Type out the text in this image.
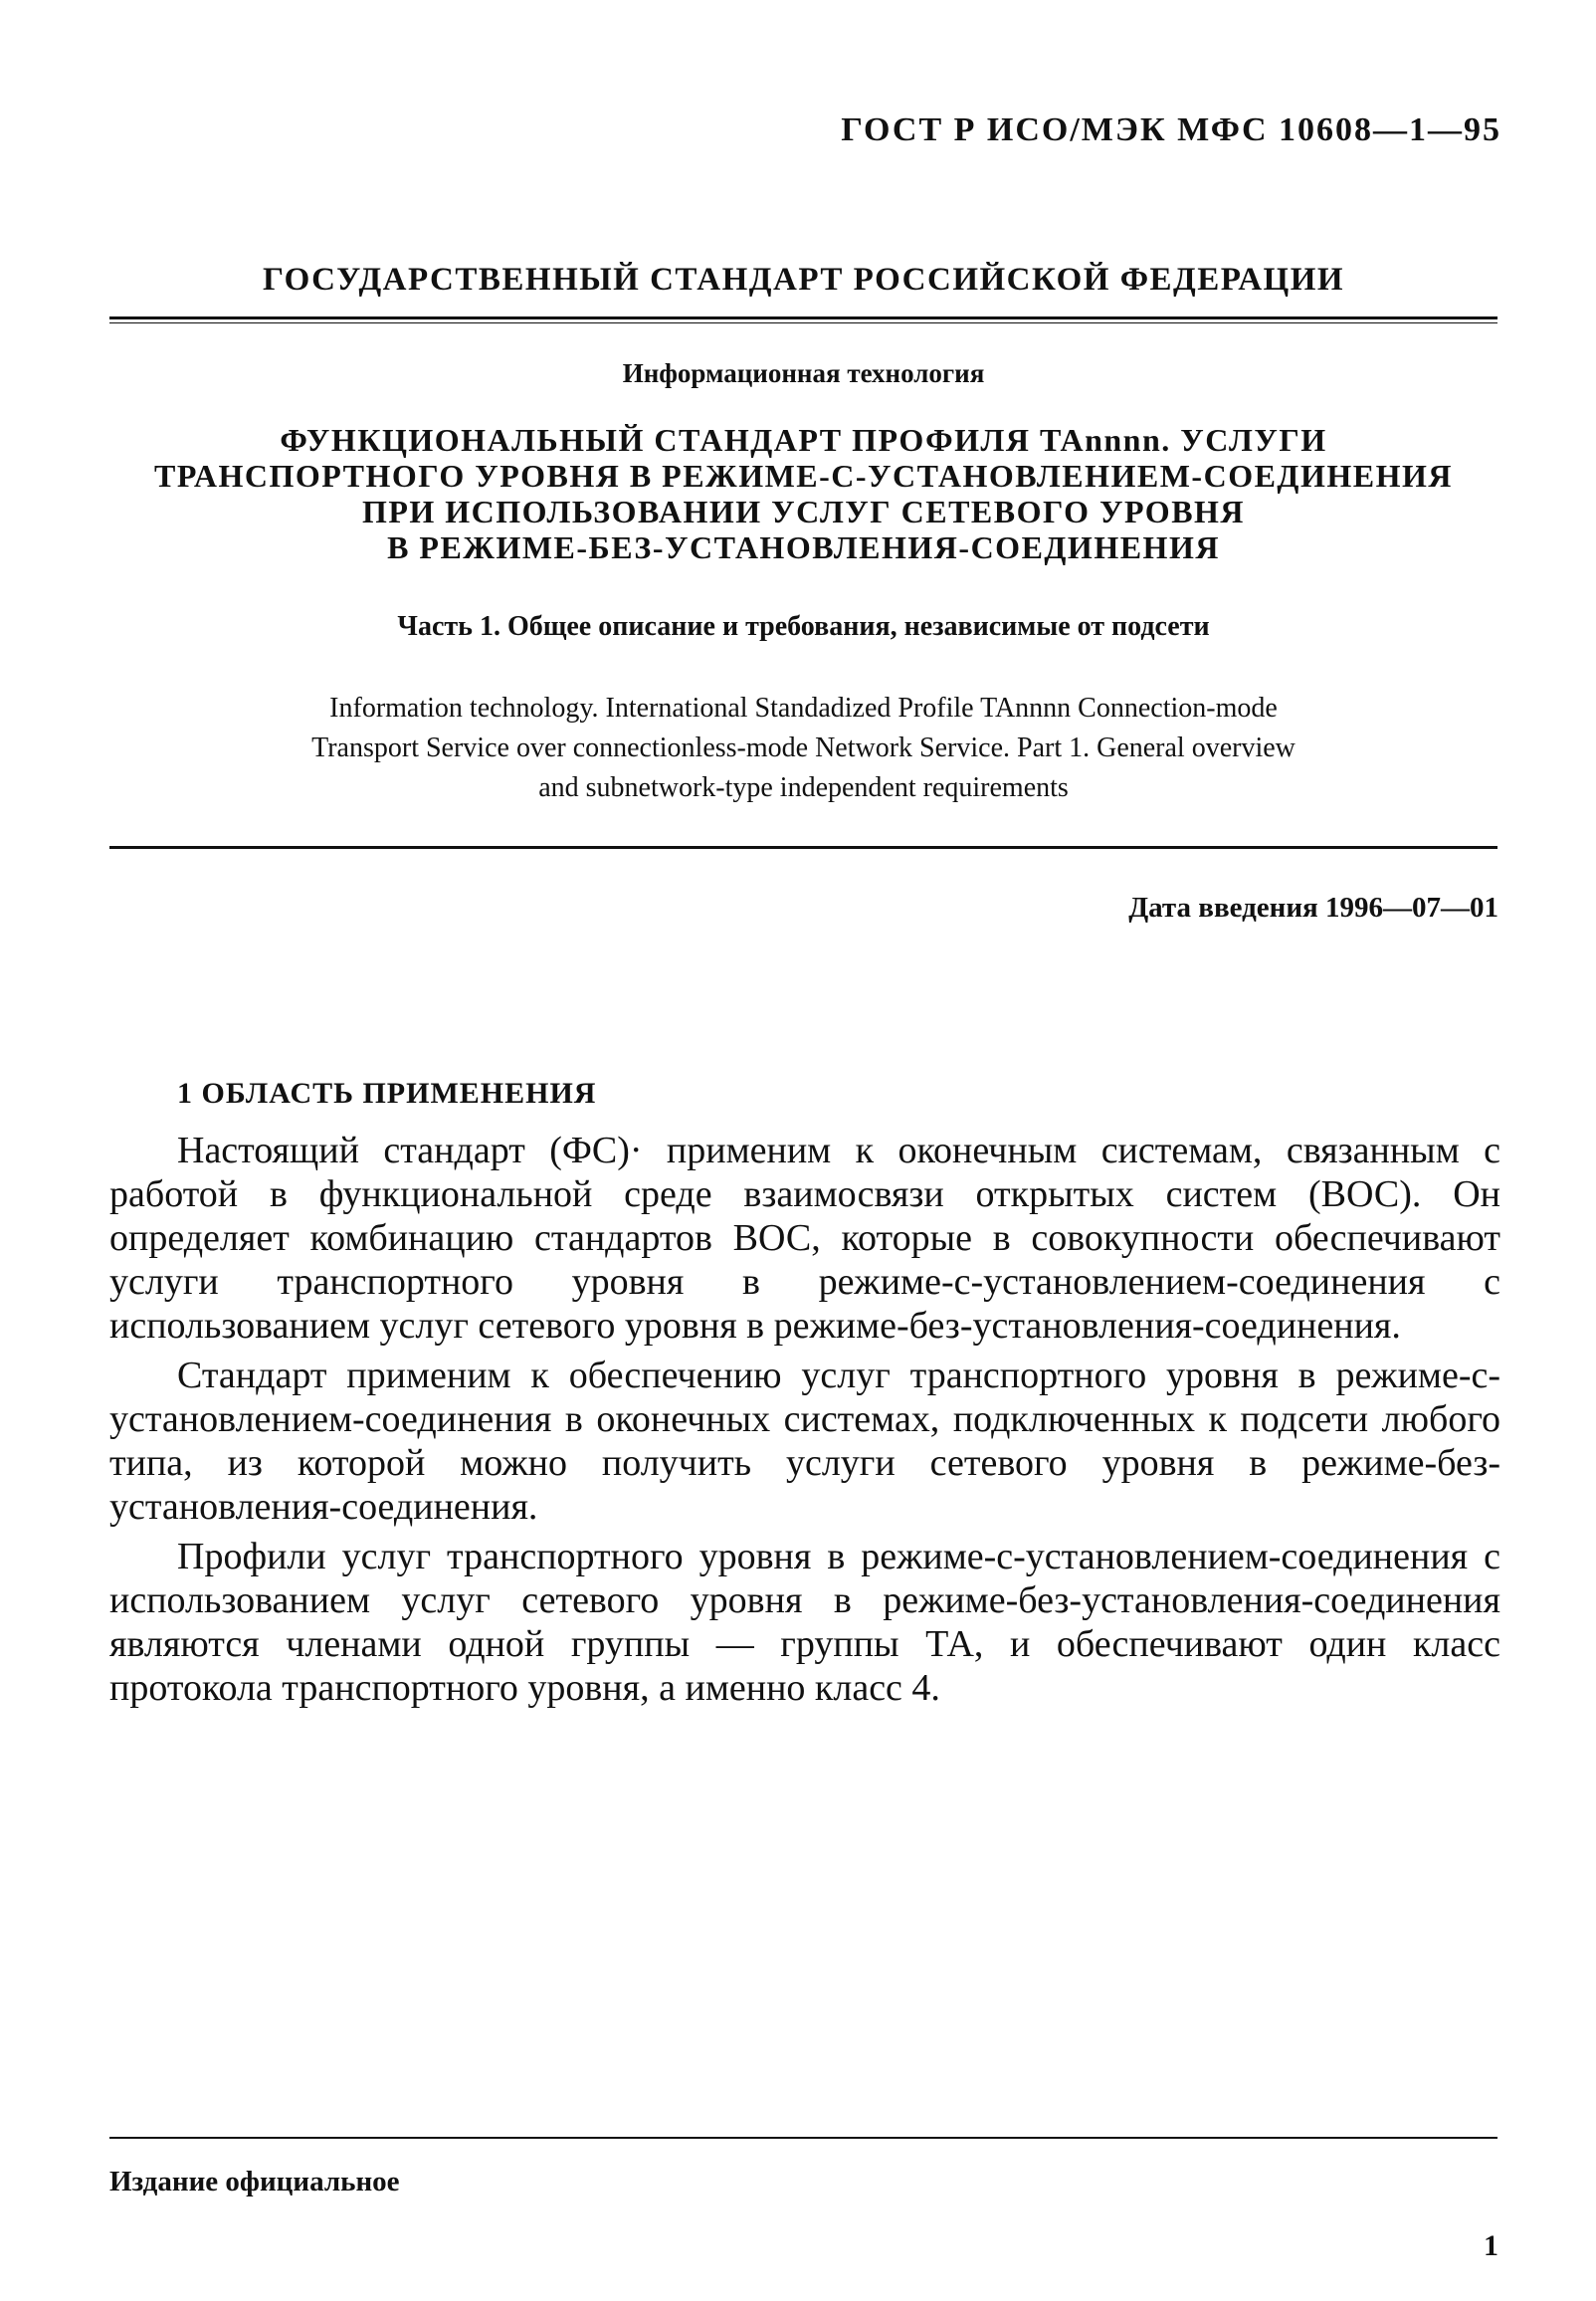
ГОСТ Р ИСО/МЭК МФС 10608—1—95
ГОСУДАРСТВЕННЫЙ СТАНДАРТ РОССИЙСКОЙ ФЕДЕРАЦИИ
Информационная технология
ФУНКЦИОНАЛЬНЫЙ СТАНДАРТ ПРОФИЛЯ TAnnnn. УСЛУГИ
ТРАНСПОРТНОГО УРОВНЯ В РЕЖИМЕ-С-УСТАНОВЛЕНИЕМ-СОЕДИНЕНИЯ
ПРИ ИСПОЛЬЗОВАНИИ УСЛУГ СЕТЕВОГО УРОВНЯ
В РЕЖИМЕ-БЕЗ-УСТАНОВЛЕНИЯ-СОЕДИНЕНИЯ
Часть 1. Общее описание и требования, независимые от подсети
Information technology. International Standadized Profile TAnnnn Connection-mode
Transport Service over connectionless-mode Network Service. Part 1. General overview
and subnetwork-type independent requirements
Дата введения 1996—07—01
1 ОБЛАСТЬ ПРИМЕНЕНИЯ

Настоящий стандарт (ФС)· применим к оконечным системам, связанным с работой в функциональной среде взаимосвязи открытых систем (ВОС). Он определяет комбинацию стандартов ВОС, которые в совокупности обеспечивают услуги транспортного уровня в режиме-с-установлением-соединения с использованием услуг сетевого уровня в режиме-без-установления-соединения.

Стандарт применим к обеспечению услуг транспортного уровня в режиме-с-установлением-соединения в оконечных системах, подключенных к подсети любого типа, из которой можно получить услуги сетевого уровня в режиме-без-установления-соединения.

Профили услуг транспортного уровня в режиме-с-установлением-соединения с использованием услуг сетевого уровня в режиме-без-установления-соединения являются членами одной группы — группы ТА, и обеспечивают один класс протокола транспортного уровня, а именно класс 4.

Издание официальное
1
